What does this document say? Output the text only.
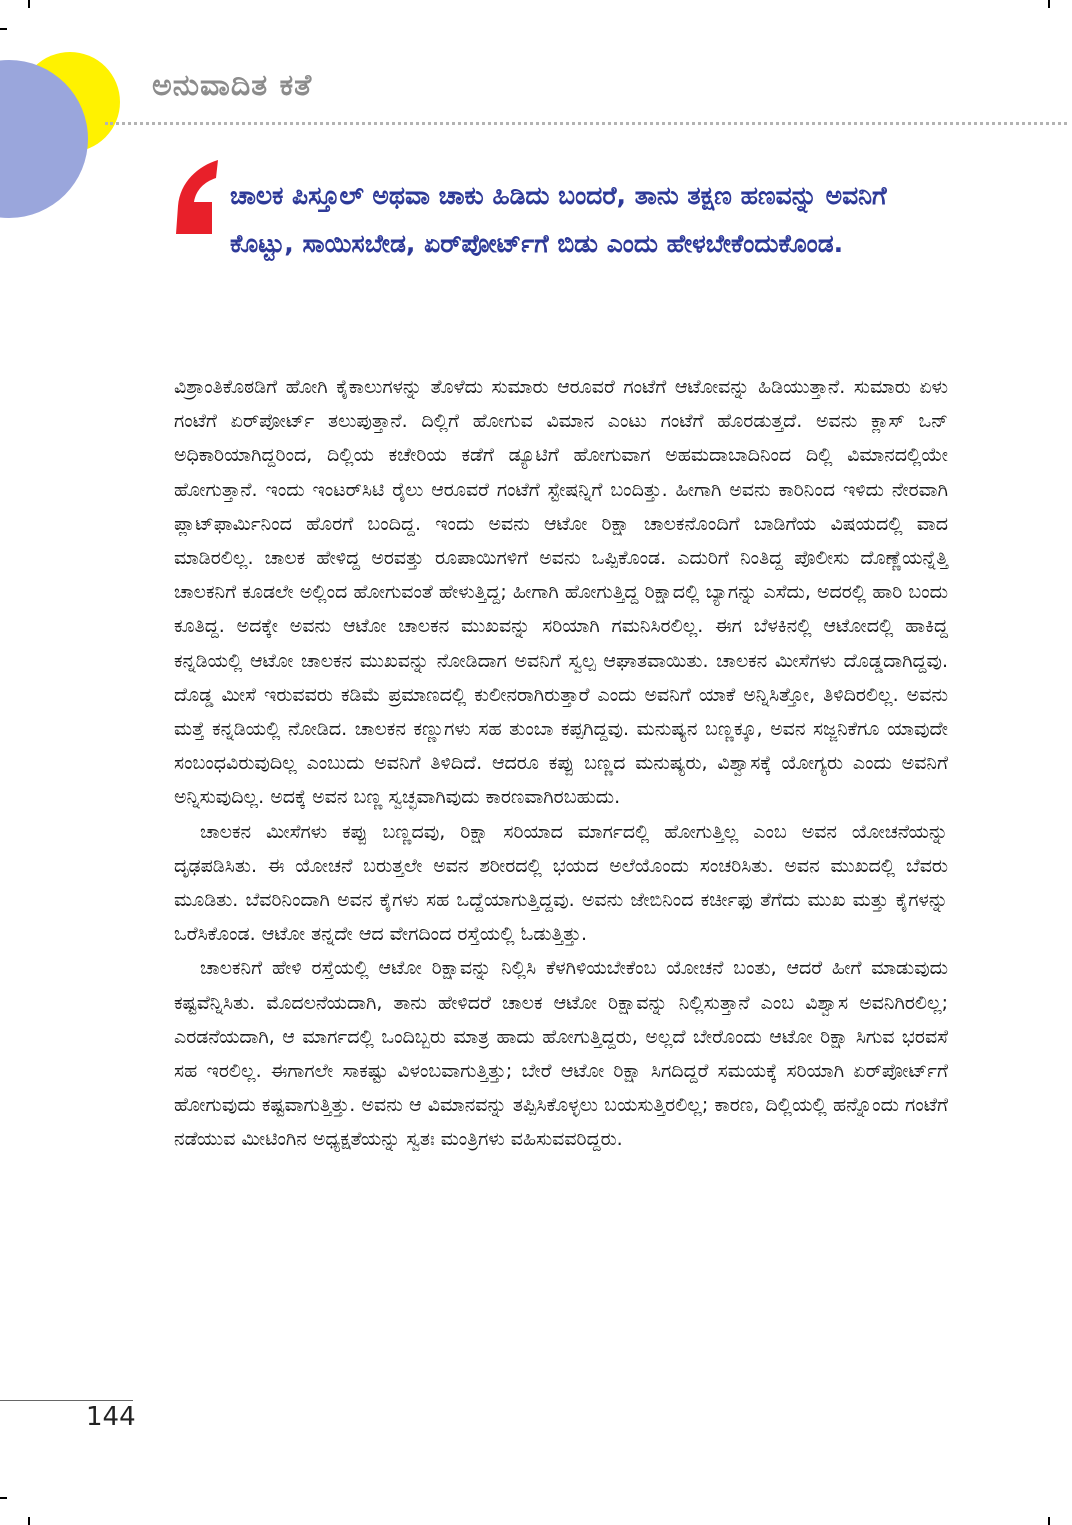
ಅನುವಾದಿತ ಕತೆ

ಚಾಲಕ ಪಿಸ್ತೂಲ್ ಅಥವಾ ಚಾಕು ಹಿಡಿದು ಬಂದರೆ, ತಾನು ತಕ್ಷಣ ಹಣವನ್ನು ಅವನಿಗೆ ಕೊಟ್ಟು, ಸಾಯಿಸಬೇಡ, ಏರ್‌ಪೋರ್ಟ್‌ಗೆ ಬಿಡು ಎಂದು ಹೇಳಬೇಕೆಂದುಕೊಂಡ.

ವಿಶ್ರಾಂತಿಕೊಠಡಿಗೆ ಹೋಗಿ ಕೈಕಾಲುಗಳನ್ನು ತೊಳೆದು ಸುಮಾರು ಆರೂವರೆ ಗಂಟೆಗೆ ಆಟೋವನ್ನು ಹಿಡಿಯುತ್ತಾನೆ. ಸುಮಾರು ಏಳು ಗಂಟೆಗೆ ಏರ್‌ಪೋರ್ಟ್ ತಲುಪುತ್ತಾನೆ. ದಿಲ್ಲಿಗೆ ಹೋಗುವ ವಿಮಾನ ಎಂಟು ಗಂಟೆಗೆ ಹೊರಡುತ್ತದೆ. ಅವನು ಕ್ಲಾಸ್ ಒನ್ ಅಧಿಕಾರಿಯಾಗಿದ್ದರಿಂದ, ದಿಲ್ಲಿಯ ಕಚೇರಿಯ ಕಡೆಗೆ ಡ್ಯೂಟಿಗೆ ಹೋಗುವಾಗ ಅಹಮದಾಬಾದಿನಿಂದ ದಿಲ್ಲಿ ವಿಮಾನದಲ್ಲಿಯೇ ಹೋಗುತ್ತಾನೆ. ಇಂದು ಇಂಟರ್‌ಸಿಟಿ ರೈಲು ಆರೂವರೆ ಗಂಟೆಗೆ ಸ್ಟೇಷನ್ನಿಗೆ ಬಂದಿತ್ತು. ಹೀಗಾಗಿ ಅವನು ಕಾರಿನಿಂದ ಇಳಿದು ನೇರವಾಗಿ ಪ್ಲಾಟ್‌ಫಾರ್ಮಿನಿಂದ ಹೊರಗೆ ಬಂದಿದ್ದ. ಇಂದು ಅವನು ಆಟೋ ರಿಕ್ಷಾ ಚಾಲಕನೊಂದಿಗೆ ಬಾಡಿಗೆಯ ವಿಷಯದಲ್ಲಿ ವಾದ ಮಾಡಿರಲಿಲ್ಲ. ಚಾಲಕ ಹೇಳಿದ್ದ ಅರವತ್ತು ರೂಪಾಯಿಗಳಿಗೆ ಅವನು ಒಪ್ಪಿಕೊಂಡ. ಎದುರಿಗೆ ನಿಂತಿದ್ದ ಪೊಲೀಸು ದೊಣ್ಣೆಯನ್ನೆತ್ತಿ ಚಾಲಕನಿಗೆ ಕೂಡಲೇ ಅಲ್ಲಿಂದ ಹೋಗುವಂತೆ ಹೇಳುತ್ತಿದ್ದ; ಹೀಗಾಗಿ ಹೋಗುತ್ತಿದ್ದ ರಿಕ್ಷಾದಲ್ಲಿ ಬ್ಯಾಗನ್ನು ಎಸೆದು, ಅದರಲ್ಲಿ ಹಾರಿ ಬಂದು ಕೂತಿದ್ದ. ಅದಕ್ಕೇ ಅವನು ಆಟೋ ಚಾಲಕನ ಮುಖವನ್ನು ಸರಿಯಾಗಿ ಗಮನಿಸಿರಲಿಲ್ಲ. ಈಗ ಬೆಳಕಿನಲ್ಲಿ ಆಟೋದಲ್ಲಿ ಹಾಕಿದ್ದ ಕನ್ನಡಿಯಲ್ಲಿ ಆಟೋ ಚಾಲಕನ ಮುಖವನ್ನು ನೋಡಿದಾಗ ಅವನಿಗೆ ಸ್ವಲ್ಪ ಆಘಾತವಾಯಿತು. ಚಾಲಕನ ಮೀಸೆಗಳು ದೊಡ್ಡದಾಗಿದ್ದವು. ದೊಡ್ಡ ಮೀಸೆ ಇರುವವರು ಕಡಿಮೆ ಪ್ರಮಾಣದಲ್ಲಿ ಕುಲೀನರಾಗಿರುತ್ತಾರೆ ಎಂದು ಅವನಿಗೆ ಯಾಕೆ ಅನ್ನಿಸಿತ್ತೋ, ತಿಳಿದಿರಲಿಲ್ಲ. ಅವನು ಮತ್ತೆ ಕನ್ನಡಿಯಲ್ಲಿ ನೋಡಿದ. ಚಾಲಕನ ಕಣ್ಣುಗಳು ಸಹ ತುಂಬಾ ಕಪ್ಪಗಿದ್ದವು. ಮನುಷ್ಯನ ಬಣ್ಣಕ್ಕೂ, ಅವನ ಸಜ್ಜನಿಕೆಗೂ ಯಾವುದೇ ಸಂಬಂಧವಿರುವುದಿಲ್ಲ ಎಂಬುದು ಅವನಿಗೆ ತಿಳಿದಿದೆ. ಆದರೂ ಕಪ್ಪು ಬಣ್ಣದ ಮನುಷ್ಯರು, ವಿಶ್ವಾಸಕ್ಕೆ ಯೋಗ್ಯರು ಎಂದು ಅವನಿಗೆ ಅನ್ನಿಸುವುದಿಲ್ಲ. ಅದಕ್ಕೆ ಅವನ ಬಣ್ಣ ಸ್ವಚ್ಛವಾಗಿವುದು ಕಾರಣವಾಗಿರಬಹುದು.

ಚಾಲಕನ ಮೀಸೆಗಳು ಕಪ್ಪು ಬಣ್ಣದವು, ರಿಕ್ಷಾ ಸರಿಯಾದ ಮಾರ್ಗದಲ್ಲಿ ಹೋಗುತ್ತಿಲ್ಲ ಎಂಬ ಅವನ ಯೋಚನೆಯನ್ನು ದೃಢಪಡಿಸಿತು. ಈ ಯೋಚನೆ ಬರುತ್ತಲೇ ಅವನ ಶರೀರದಲ್ಲಿ ಭಯದ ಅಲೆಯೊಂದು ಸಂಚರಿಸಿತು. ಅವನ ಮುಖದಲ್ಲಿ ಬೆವರು ಮೂಡಿತು. ಬೆವರಿನಿಂದಾಗಿ ಅವನ ಕೈಗಳು ಸಹ ಒದ್ದೆಯಾಗುತ್ತಿದ್ದವು. ಅವನು ಜೇಬಿನಿಂದ ಕರ್ಚೀಫು ತೆಗೆದು ಮುಖ ಮತ್ತು ಕೈಗಳನ್ನು ಒರೆಸಿಕೊಂಡ. ಆಟೋ ತನ್ನದೇ ಆದ ವೇಗದಿಂದ ರಸ್ತೆಯಲ್ಲಿ ಓಡುತ್ತಿತ್ತು.

ಚಾಲಕನಿಗೆ ಹೇಳಿ ರಸ್ತೆಯಲ್ಲಿ ಆಟೋ ರಿಕ್ಷಾವನ್ನು ನಿಲ್ಲಿಸಿ ಕೆಳಗಿಳಿಯಬೇಕೆಂಬ ಯೋಚನೆ ಬಂತು, ಆದರೆ ಹೀಗೆ ಮಾಡುವುದು ಕಷ್ಟವೆನ್ನಿಸಿತು. ಮೊದಲನೆಯದಾಗಿ, ತಾನು ಹೇಳಿದರೆ ಚಾಲಕ ಆಟೋ ರಿಕ್ಷಾವನ್ನು ನಿಲ್ಲಿಸುತ್ತಾನೆ ಎಂಬ ವಿಶ್ವಾಸ ಅವನಿಗಿರಲಿಲ್ಲ; ಎರಡನೆಯದಾಗಿ, ಆ ಮಾರ್ಗದಲ್ಲಿ ಒಂದಿಬ್ಬರು ಮಾತ್ರ ಹಾದು ಹೋಗುತ್ತಿದ್ದರು, ಅಲ್ಲದೆ ಬೇರೊಂದು ಆಟೋ ರಿಕ್ಷಾ ಸಿಗುವ ಭರವಸೆ ಸಹ ಇರಲಿಲ್ಲ. ಈಗಾಗಲೇ ಸಾಕಷ್ಟು ವಿಳಂಬವಾಗುತ್ತಿತ್ತು; ಬೇರೆ ಆಟೋ ರಿಕ್ಷಾ ಸಿಗದಿದ್ದರೆ ಸಮಯಕ್ಕೆ ಸರಿಯಾಗಿ ಏರ್‌ಪೋರ್ಟ್‌ಗೆ ಹೋಗುವುದು ಕಷ್ಟವಾಗುತ್ತಿತ್ತು. ಅವನು ಆ ವಿಮಾನವನ್ನು ತಪ್ಪಿಸಿಕೊಳ್ಳಲು ಬಯಸುತ್ತಿರಲಿಲ್ಲ; ಕಾರಣ, ದಿಲ್ಲಿಯಲ್ಲಿ ಹನ್ನೊಂದು ಗಂಟೆಗೆ ನಡೆಯುವ ಮೀಟಿಂಗಿನ ಅಧ್ಯಕ್ಷತೆಯನ್ನು ಸ್ವತಃ ಮಂತ್ರಿಗಳು ವಹಿಸುವವರಿದ್ದರು.

144
